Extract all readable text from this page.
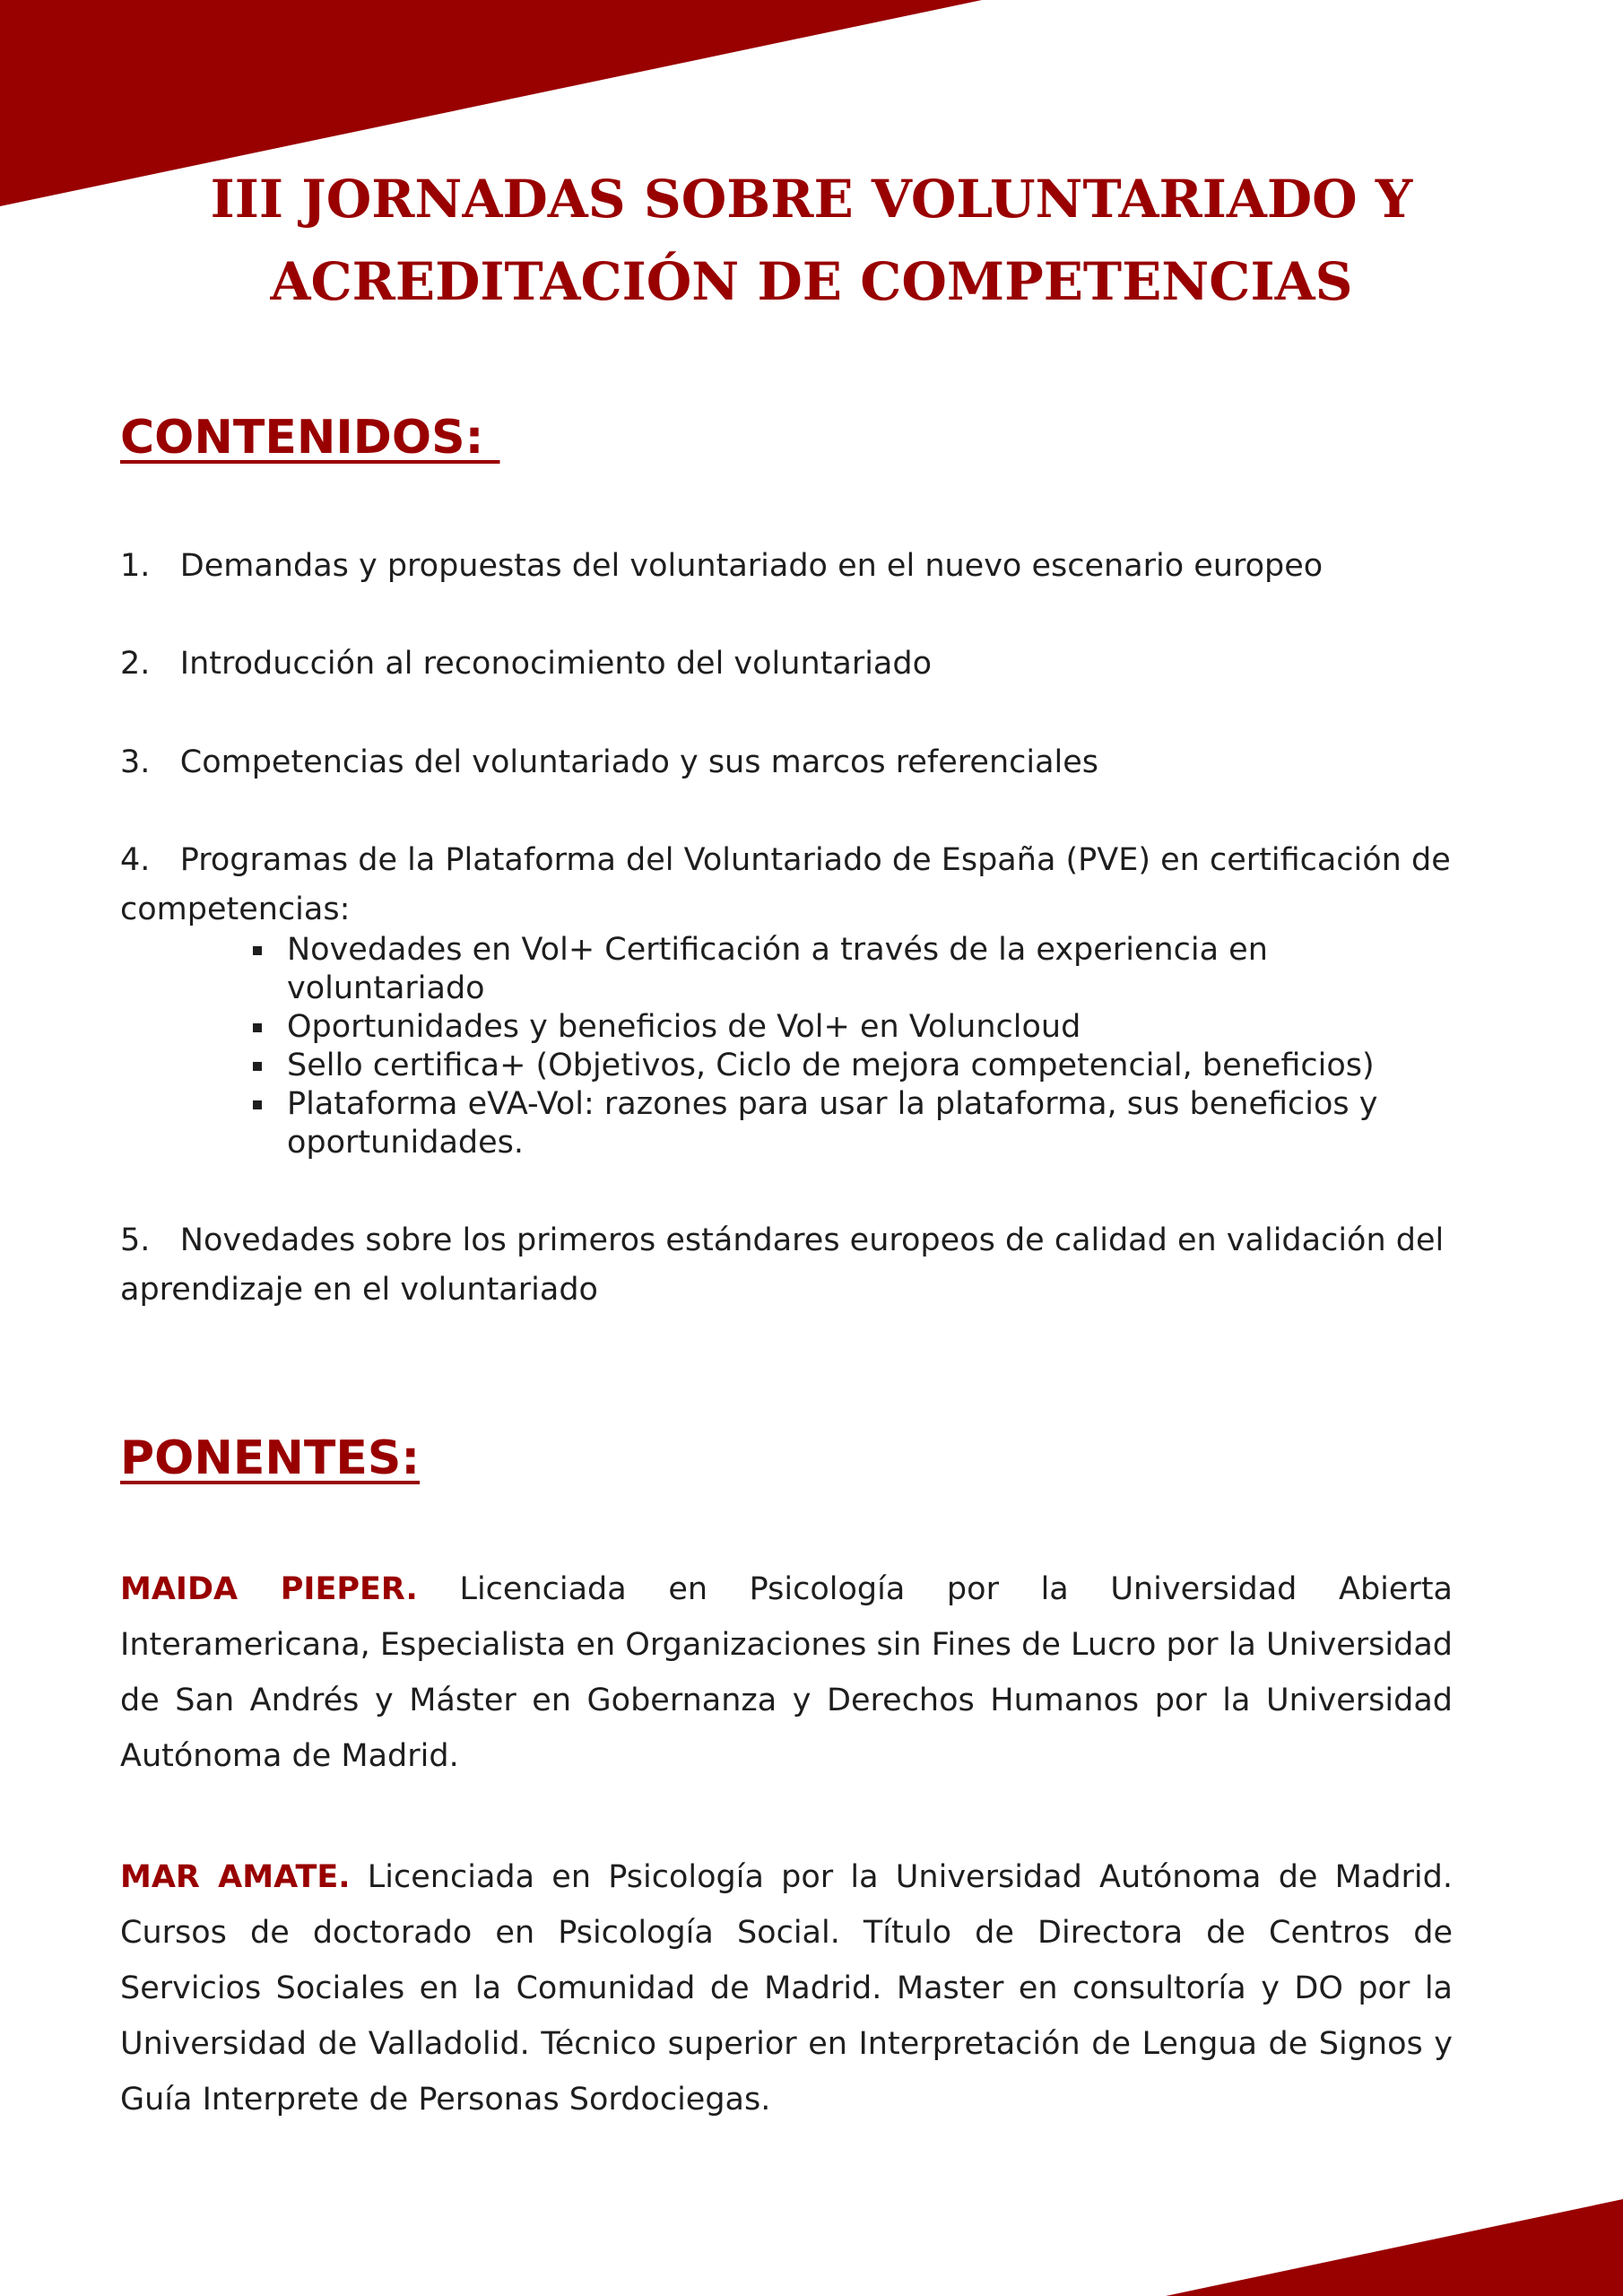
III JORNADAS SOBRE VOLUNTARIADO Y
ACREDITACIÓN DE COMPETENCIAS
CONTENIDOS:

1.   Demandas y propuestas del voluntariado en el nuevo escenario europeo

2.   Introducción al reconocimiento del voluntariado

3.   Competencias del voluntariado y sus marcos referenciales

4.   Programas de la Plataforma del Voluntariado de España (PVE) en certificación de competencias:

Novedades en Vol+ Certificación a través de la experiencia en voluntariado
Oportunidades y beneficios de Vol+ en Voluncloud
Sello certifica+ (Objetivos, Ciclo de mejora competencial, beneficios)
Plataforma eVA-Vol: razones para usar la plataforma, sus beneficios y oportunidades.

5.   Novedades sobre los primeros estándares europeos de calidad en validación del aprendizaje en el voluntariado

PONENTES:

MAIDA PIEPER. Licenciada en Psicología por la Universidad Abierta Interamericana, Especialista en Organizaciones sin Fines de Lucro por la Universidad de San Andrés y Máster en Gobernanza y Derechos Humanos por la Universidad Autónoma de Madrid.

MAR AMATE. Licenciada en Psicología por la Universidad Autónoma de Madrid. Cursos de doctorado en Psicología Social. Título de Directora de Centros de Servicios Sociales en la Comunidad de Madrid. Master en consultoría y DO por la Universidad de Valladolid. Técnico superior en Interpretación de Lengua de Signos y Guía Interprete de Personas Sordociegas.
